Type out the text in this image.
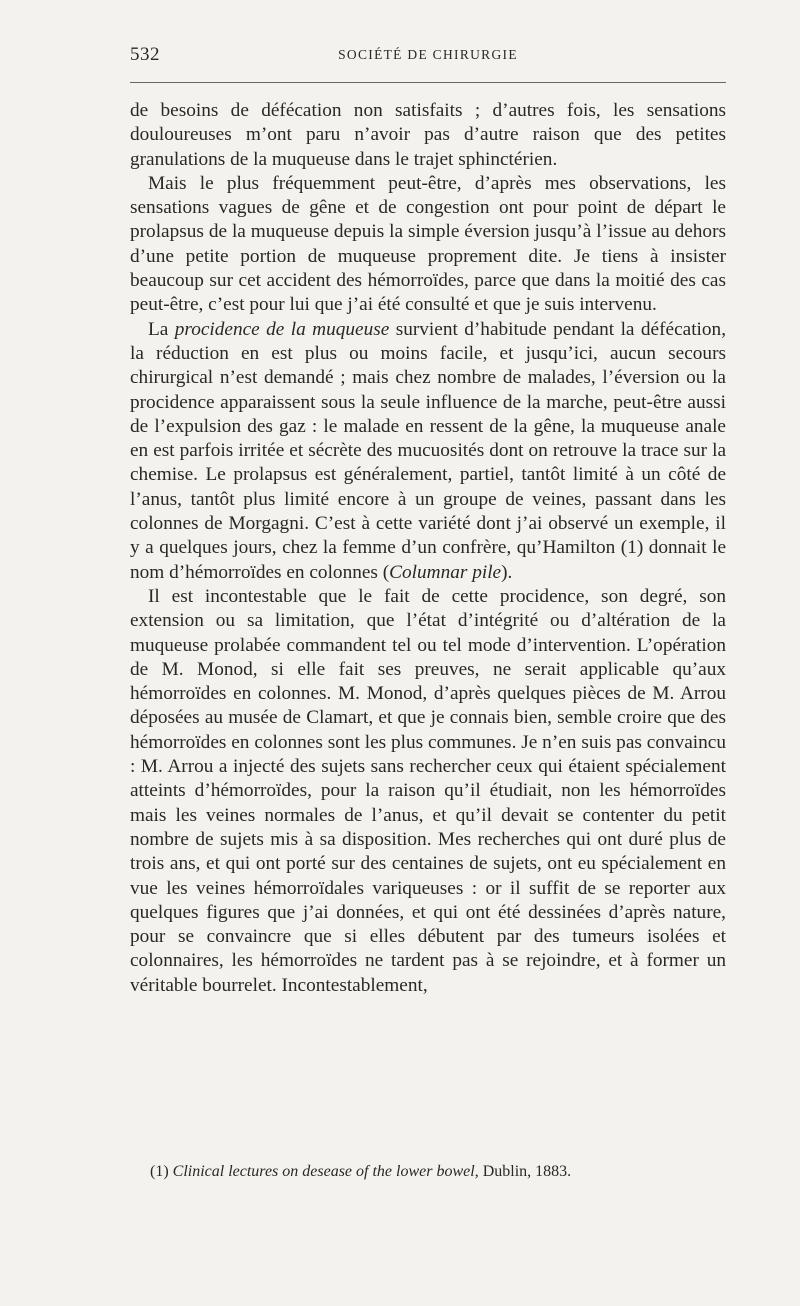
532	SOCIÉTÉ DE CHIRURGIE

de besoins de défécation non satisfaits ; d’autres fois, les sensations douloureuses m’ont paru n’avoir pas d’autre raison que des petites granulations de la muqueuse dans le trajet sphinctérien.

Mais le plus fréquemment peut-être, d’après mes observations, les sensations vagues de gêne et de congestion ont pour point de départ le prolapsus de la muqueuse depuis la simple éversion jusqu’à l’issue au dehors d’une petite portion de muqueuse proprement dite. Je tiens à insister beaucoup sur cet accident des hémorroïdes, parce que dans la moitié des cas peut-être, c’est pour lui que j’ai été consulté et que je suis intervenu.

La procidence de la muqueuse survient d’habitude pendant la défécation, la réduction en est plus ou moins facile, et jusqu’ici, aucun secours chirurgical n’est demandé ; mais chez nombre de malades, l’éversion ou la procidence apparaissent sous la seule influence de la marche, peut-être aussi de l’expulsion des gaz : le malade en ressent de la gêne, la muqueuse anale en est parfois irritée et sécrète des mucuosités dont on retrouve la trace sur la chemise. Le prolapsus est généralement, partiel, tantôt limité à un côté de l’anus, tantôt plus limité encore à un groupe de veines, passant dans les colonnes de Morgagni. C’est à cette variété dont j’ai observé un exemple, il y a quelques jours, chez la femme d’un confrère, qu’Hamilton (1) donnait le nom d’hémorroïdes en colonnes (Columnar pile).

Il est incontestable que le fait de cette procidence, son degré, son extension ou sa limitation, que l’état d’intégrité ou d’altération de la muqueuse prolabée commandent tel ou tel mode d’intervention. L’opération de M. Monod, si elle fait ses preuves, ne serait applicable qu’aux hémorroïdes en colonnes. M. Monod, d’après quelques pièces de M. Arrou déposées au musée de Clamart, et que je connais bien, semble croire que des hémorroïdes en colonnes sont les plus communes. Je n’en suis pas convaincu : M. Arrou a injecté des sujets sans rechercher ceux qui étaient spécialement atteints d’hémorroïdes, pour la raison qu’il étudiait, non les hémorroïdes mais les veines normales de l’anus, et qu’il devait se contenter du petit nombre de sujets mis à sa disposition. Mes recherches qui ont duré plus de trois ans, et qui ont porté sur des centaines de sujets, ont eu spécialement en vue les veines hémorroïdales variqueuses : or il suffit de se reporter aux quelques figures que j’ai données, et qui ont été dessinées d’après nature, pour se convaincre que si elles débutent par des tumeurs isolées et colonnaires, les hémorroïdes ne tardent pas à se rejoindre, et à former un véritable bourrelet. Incontestablement,

(1) Clinical lectures on desease of the lower bowel, Dublin, 1883.
